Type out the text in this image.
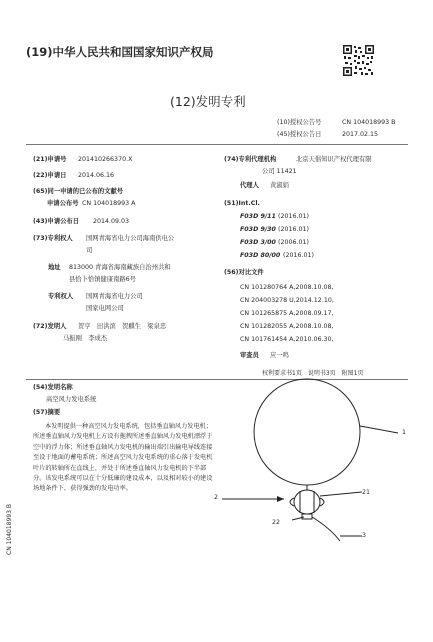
(19)中华人民共和国国家知识产权局
(12)发明专利
(10)授权公告号	CN 104018993 B
(45)授权公告日	2017.02.15
(21)申请号 201410266370.X
(22)申请日 2014.06.16
(65)同一申请的已公布的文献号
申请公布号 CN 104018993 A
(43)申请公布日 2014.09.03
(73)专利权人 国网青海省电力公司海南供电公
司
地址 813000 青海省海南藏族自治州共和
县恰卜恰镇健康南路6号
专利权人 国网青海省电力公司
国家电网公司
(72)发明人 贺亨　田洪滨　贺麒生　梁泉忠
马振刚　李成杰
(74)专利代理机构	北京天倡知识产权代理有限
公司 11421
代理人 黄淑娟
(51)Int.Cl.
F03D 9/11 (2016.01)
F03D 9/30 (2016.01)
F03D 3/00 (2006.01)
F03D 80/00 (2016.01)
(56)对比文件
CN 101280764 A,2008.10.08,
CN 204003278 U,2014.12.10,
CN 101265875 A,2008.09.17,
CN 101282055 A,2008.10.08,
CN 101761454 A,2010.06.30,
审查员 应一鸣
权利要求书1页　说明书3页　附图1页
(54)发明名称
高空风力发电系统
(57)摘要
本发明提供一种高空风力发电系统，包括垂直轴风力发电机；所述垂直轴风力发电机上方设有拖拽所述垂直轴风力发电机漂浮于空中的浮力体；所述垂直轴风力发电机的输出端引出输电导线连接至设于地面的蓄电系统；所述高空风力发电系统的重心落于发电机叶片的转轴所在直线上，并处于所述垂直轴风力发电机的下半部分。该发电系统可以在十分低廉的建设成本，以及相对较小的建设场地条件下，获得强劲的发电功率。
1
2
21
22
3
CN 104018993 B
